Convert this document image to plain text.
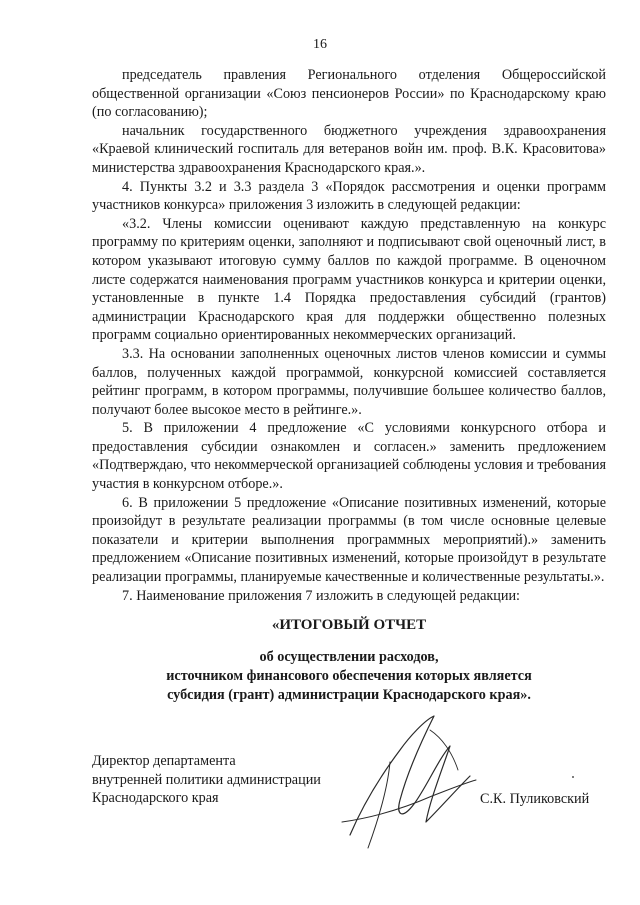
16

председатель правления Регионального отделения Общероссийской общественной организации «Союз пенсионеров России» по Краснодарскому краю (по согласованию);

начальник государственного бюджетного учреждения здравоохранения «Краевой клинический госпиталь для ветеранов войн им. проф. В.К. Красовитова» министерства здравоохранения Краснодарского края.».

4. Пункты 3.2 и 3.3 раздела 3 «Порядок рассмотрения и оценки программ участников конкурса» приложения 3 изложить в следующей редакции:

«3.2. Члены комиссии оценивают каждую представленную на конкурс программу по критериям оценки, заполняют и подписывают свой оценочный лист, в котором указывают итоговую сумму баллов по каждой программе. В оценочном листе содержатся наименования программ участников конкурса и критерии оценки, установленные в пункте 1.4 Порядка предоставления субсидий (грантов) администрации Краснодарского края для поддержки общественно полезных программ социально ориентированных некоммерческих организаций.

3.3. На основании заполненных оценочных листов членов комиссии и суммы баллов, полученных каждой программой, конкурсной комиссией составляется рейтинг программ, в котором программы, получившие большее количество баллов, получают более высокое место в рейтинге.».

5. В приложении 4 предложение «С условиями конкурсного отбора и предоставления субсидии ознакомлен и согласен.» заменить предложением «Подтверждаю, что некоммерческой организацией соблюдены условия и требования участия в конкурсном отборе.».

6. В приложении 5 предложение «Описание позитивных изменений, которые произойдут в результате реализации программы (в том числе основные целевые показатели и критерии выполнения программных мероприятий).» заменить предложением «Описание позитивных изменений, которые произойдут в результате реализации программы, планируемые качественные и количественные результаты.».

7. Наименование приложения 7 изложить в следующей редакции:

«ИТОГОВЫЙ ОТЧЕТ
об осуществлении расходов,
источником финансового обеспечения которых является
субсидия (грант) администрации Краснодарского края».
Директор департамента
внутренней политики администрации
Краснодарского края	С.К. Пуликовский
